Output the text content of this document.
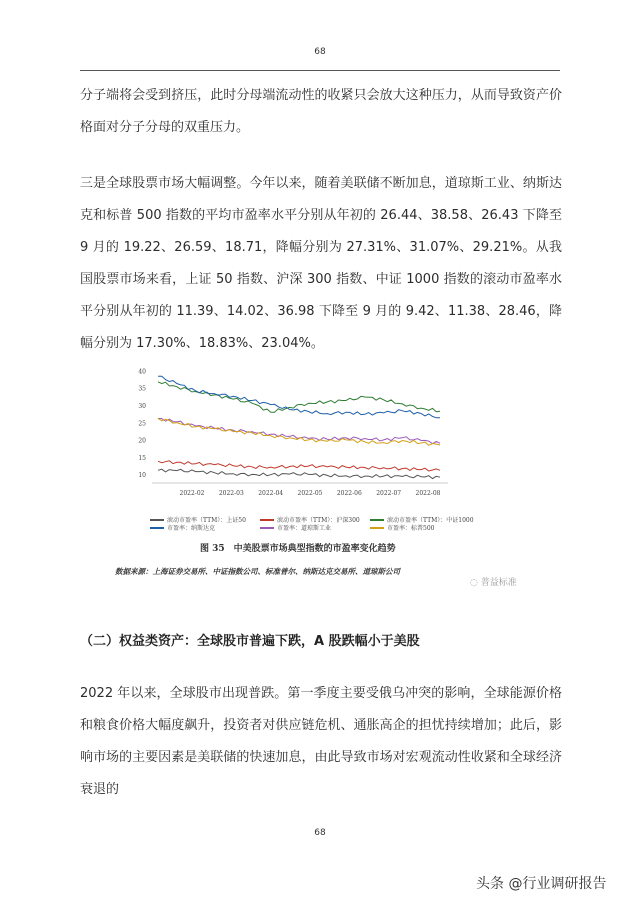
68

分子端将会受到挤压，此时分母端流动性的收紧只会放大这种压力，从而导致资产价格面对分子分母的双重压力。

三是全球股票市场大幅调整。今年以来，随着美联储不断加息，道琼斯工业、纳斯达克和标普 500 指数的平均市盈率水平分别从年初的 26.44、38.58、26.43 下降至 9 月的 19.22、26.59、18.71，降幅分别为 27.31%、31.07%、29.21%。从我国股票市场来看，上证 50 指数、沪深 300 指数、中证 1000 指数的滚动市盈率水平分别从年初的 11.39、14.02、36.98 下降至 9 月的 9.42、11.38、28.46，降幅分别为 17.30%、18.83%、23.04%。

10
15
20
25
30
35
40
2022-02 2022-03 2022-04 2022-05 2022-06 2022-07 2022-08
滚动市盈率（TTM）：上证50	滚动市盈率（TTM）：沪深300	滚动市盈率（TTM）：中证1000
市盈率：纳斯达克	市盈率：道琼斯工业	市盈率：标普500
图 35　中美股票市场典型指数的市盈率变化趋势
数据来源：上海证券交易所、中证指数公司、标准普尔、纳斯达克交易所、道琼斯公司
◌ 普益标准
（二）权益类资产：全球股市普遍下跌，A 股跌幅小于美股

2022 年以来，全球股市出现普跌。第一季度主要受俄乌冲突的影响，全球能源价格和粮食价格大幅度飙升，投资者对供应链危机、通胀高企的担忧持续增加；此后，影响市场的主要因素是美联储的快速加息，由此导致市场对宏观流动性收紧和全球经济衰退的

68
头条 @行业调研报告
